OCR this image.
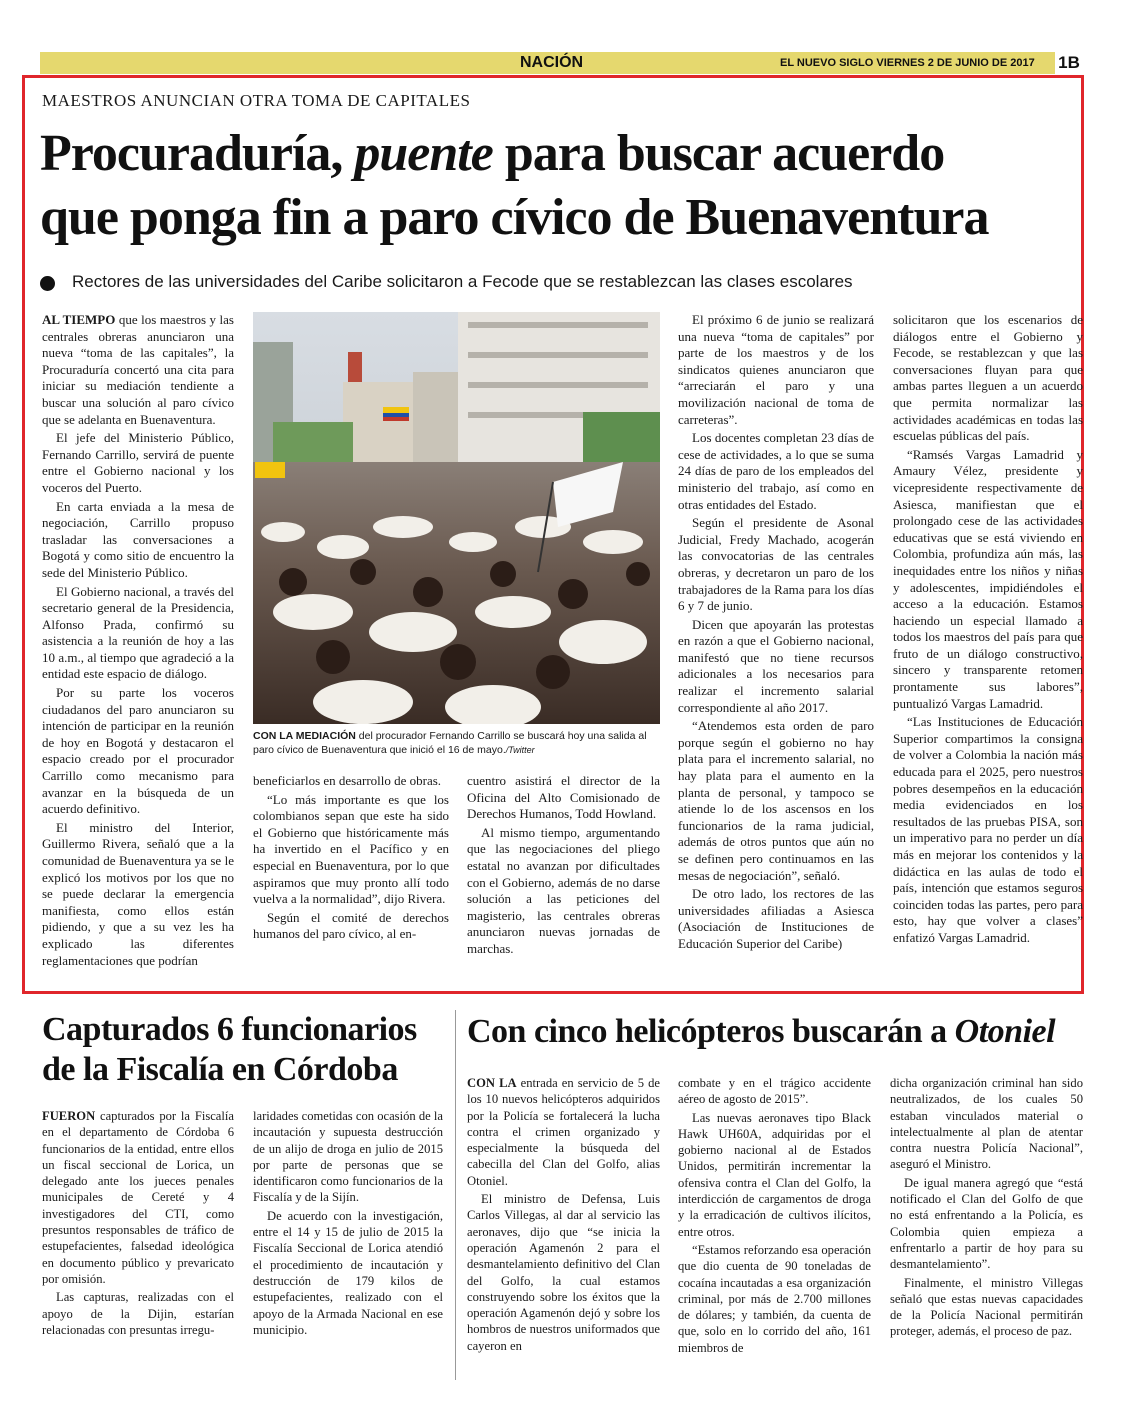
NACIÓN	EL NUEVO SIGLO VIERNES 2 DE JUNIO DE 2017 1B
MAESTROS ANUNCIAN OTRA TOMA DE CAPITALES
Procuraduría, puente para buscar acuerdo
que ponga fin a paro cívico de Buenaventura
Rectores de las universidades del Caribe solicitaron a Fecode que se restablezcan las clases escolares

AL TIEMPO que los maestros y las centrales obreras anunciaron una nueva “toma de las capitales”, la Procuraduría concertó una cita para iniciar su mediación tendiente a buscar una solución al paro cívico que se adelanta en Buenaventura.

El jefe del Ministerio Público, Fernando Carrillo, servirá de puente entre el Gobierno nacional y los voceros del Puerto.

En carta enviada a la mesa de negociación, Carrillo propuso trasladar las conversaciones a Bogotá y como sitio de encuentro la sede del Ministerio Público.

El Gobierno nacional, a través del secretario general de la Presidencia, Alfonso Prada, confirmó su asistencia a la reunión de hoy a las 10 a.m., al tiempo que agradeció a la entidad este espacio de diálogo.

Por su parte los voceros ciudadanos del paro anunciaron su intención de participar en la reunión de hoy en Bogotá y destacaron el espacio creado por el procurador Carrillo como mecanismo para avanzar en la búsqueda de un acuerdo definitivo.

El ministro del Interior, Guillermo Rivera, señaló que a la comunidad de Buenaventura ya se le explicó los motivos por los que no se puede declarar la emergencia manifiesta, como ellos están pidiendo, y que a su vez les ha explicado las diferentes reglamentaciones que podrían

CON LA MEDIACIÓN del procurador Fernando Carrillo se buscará hoy una salida al paro cívico de Buenaventura que inició el 16 de mayo./Twitter

beneficiarlos en desarrollo de obras.

“Lo más importante es que los colombianos sepan que este ha sido el Gobierno que históricamente más ha invertido en el Pacífico y en especial en Buenaventura, por lo que aspiramos que muy pronto allí todo vuelva a la normalidad”, dijo Rivera.

Según el comité de derechos humanos del paro cívico, al en-

cuentro asistirá el director de la Oficina del Alto Comisionado de Derechos Humanos, Todd Howland.

Al mismo tiempo, argumentando que las negociaciones del pliego estatal no avanzan por dificultades con el Gobierno, además de no darse solución a las peticiones del magisterio, las centrales obreras anunciaron nuevas jornadas de marchas.

El próximo 6 de junio se realizará una nueva “toma de capitales” por parte de los maestros y de los sindicatos quienes anunciaron que “arreciarán el paro y una movilización nacional de toma de carreteras”.

Los docentes completan 23 días de cese de actividades, a lo que se suma 24 días de paro de los empleados del ministerio del trabajo, así como en otras entidades del Estado.

Según el presidente de Asonal Judicial, Fredy Machado, acogerán las convocatorias de las centrales obreras, y decretaron un paro de los trabajadores de la Rama para los días 6 y 7 de junio.

Dicen que apoyarán las protestas en razón a que el Gobierno nacional, manifestó que no tiene recursos adicionales a los necesarios para realizar el incremento salarial correspondiente al año 2017.

“Atendemos esta orden de paro porque según el gobierno no hay plata para el incremento salarial, no hay plata para el aumento en la planta de personal, y tampoco se atiende lo de los ascensos en los funcionarios de la rama judicial, además de otros puntos que aún no se definen pero continuamos en las mesas de negociación”, señaló.

De otro lado, los rectores de las universidades afiliadas a Asiesca (Asociación de Instituciones de Educación Superior del Caribe)

solicitaron que los escenarios de diálogos entre el Gobierno y Fecode, se restablezcan y que las conversaciones fluyan para que ambas partes lleguen a un acuerdo que permita normalizar las actividades académicas en todas las escuelas públicas del país.

“Ramsés Vargas Lamadrid y Amaury Vélez, presidente y vicepresidente respectivamente de Asiesca, manifiestan que el prolongado cese de las actividades educativas que se está viviendo en Colombia, profundiza aún más, las inequidades entre los niños y niñas y adolescentes, impidiéndoles el acceso a la educación. Estamos haciendo un especial llamado a todos los maestros del país para que fruto de un diálogo constructivo, sincero y transparente retomen prontamente sus labores”, puntualizó Vargas Lamadrid.

“Las Instituciones de Educación Superior compartimos la consigna de volver a Colombia la nación más educada para el 2025, pero nuestros pobres desempeños en la educación media evidenciados en los resultados de las pruebas PISA, son un imperativo para no perder un día más en mejorar los contenidos y la didáctica en las aulas de todo el país, intención que estamos seguros coinciden todas las partes, pero para esto, hay que volver a clases” enfatizó Vargas Lamadrid.

Capturados 6 funcionarios
de la Fiscalía en Córdoba

FUERON capturados por la Fiscalía en el departamento de Córdoba 6 funcionarios de la entidad, entre ellos un fiscal seccional de Lorica, un delegado ante los jueces penales municipales de Cereté y 4 investigadores del CTI, como presuntos responsables de tráfico de estupefacientes, falsedad ideológica en documento público y prevaricato por omisión.

Las capturas, realizadas con el apoyo de la Dijin, estarían relacionadas con presuntas irregu-

laridades cometidas con ocasión de la incautación y supuesta destrucción de un alijo de droga en julio de 2015 por parte de personas que se identificaron como funcionarios de la Fiscalía y de la Sijín.

De acuerdo con la investigación, entre el 14 y 15 de julio de 2015 la Fiscalía Seccional de Lorica atendió el procedimiento de incautación y destrucción de 179 kilos de estupefacientes, realizado con el apoyo de la Armada Nacional en ese municipio.

Con cinco helicópteros buscarán a Otoniel

CON LA entrada en servicio de 5 de los 10 nuevos helicópteros adquiridos por la Policía se fortalecerá la lucha contra el crimen organizado y especialmente la búsqueda del cabecilla del Clan del Golfo, alias Otoniel.

El ministro de Defensa, Luis Carlos Villegas, al dar al servicio las aeronaves, dijo que “se inicia la operación Agamenón 2 para el desmantelamiento definitivo del Clan del Golfo, la cual estamos construyendo sobre los éxitos que la operación Agamenón dejó y sobre los hombros de nuestros uniformados que cayeron en

combate y en el trágico accidente aéreo de agosto de 2015”.

Las nuevas aeronaves tipo Black Hawk UH60A, adquiridas por el gobierno nacional al de Estados Unidos, permitirán incrementar la ofensiva contra el Clan del Golfo, la interdicción de cargamentos de droga y la erradicación de cultivos ilícitos, entre otros.

“Estamos reforzando esa operación que dio cuenta de 90 toneladas de cocaína incautadas a esa organización criminal, por más de 2.700 millones de dólares; y también, da cuenta de que, solo en lo corrido del año, 161 miembros de

dicha organización criminal han sido neutralizados, de los cuales 50 estaban vinculados material o intelectualmente al plan de atentar contra nuestra Policía Nacional”, aseguró el Ministro.

De igual manera agregó que “está notificado el Clan del Golfo de que no está enfrentando a la Policía, es Colombia quien empieza a enfrentarlo a partir de hoy para su desmantelamiento”.

Finalmente, el ministro Villegas señaló que estas nuevas capacidades de la Policía Nacional permitirán proteger, además, el proceso de paz.
